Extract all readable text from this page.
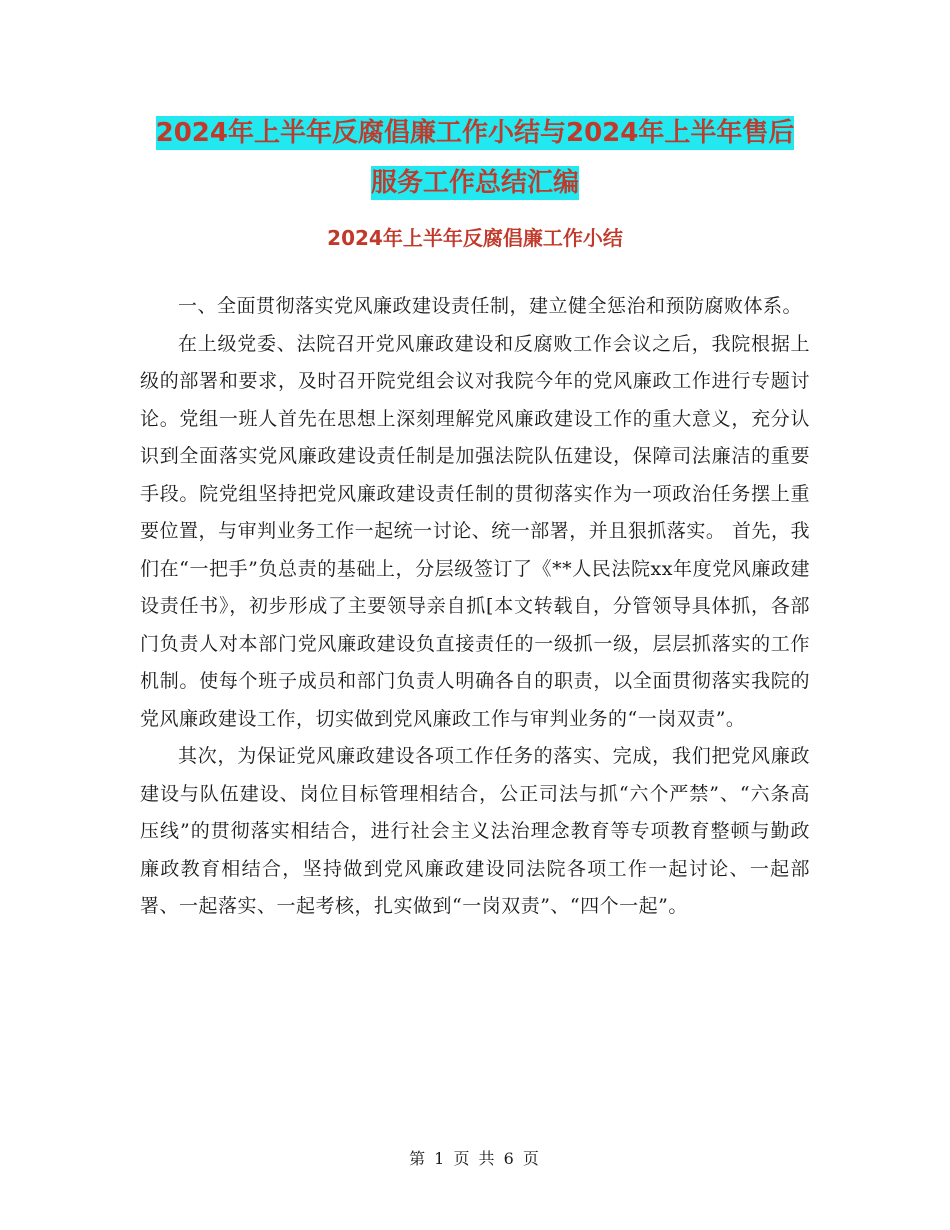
2024年上半年反腐倡廉工作小结与2024年上半年售后
服务工作总结汇编
2024年上半年反腐倡廉工作小结

一、全面贯彻落实党风廉政建设责任制，建立健全惩治和预防腐败体系。

在上级党委、法院召开党风廉政建设和反腐败工作会议之后，我院根据上级的部署和要求，及时召开院党组会议对我院今年的党风廉政工作进行专题讨论。党组一班人首先在思想上深刻理解党风廉政建设工作的重大意义，充分认识到全面落实党风廉政建设责任制是加强法院队伍建设，保障司法廉洁的重要手段。院党组坚持把党风廉政建设责任制的贯彻落实作为一项政治任务摆上重要位置，与审判业务工作一起统一讨论、统一部署，并且狠抓落实。 首先，我们在“一把手”负总责的基础上，分层级签订了《**人民法院xx年度党风廉政建设责任书》，初步形成了主要领导亲自抓[本文转载自，分管领导具体抓，各部门负责人对本部门党风廉政建设负直接责任的一级抓一级，层层抓落实的工作机制。使每个班子成员和部门负责人明确各自的职责，以全面贯彻落实我院的党风廉政建设工作，切实做到党风廉政工作与审判业务的“一岗双责”。

其次，为保证党风廉政建设各项工作任务的落实、完成，我们把党风廉政建设与队伍建设、岗位目标管理相结合，公正司法与抓“六个严禁”、“六条高压线”的贯彻落实相结合，进行社会主义法治理念教育等专项教育整顿与勤政廉政教育相结合，坚持做到党风廉政建设同法院各项工作一起讨论、一起部署、一起落实、一起考核，扎实做到“一岗双责”、“四个一起”。

第 1 页 共 6 页
